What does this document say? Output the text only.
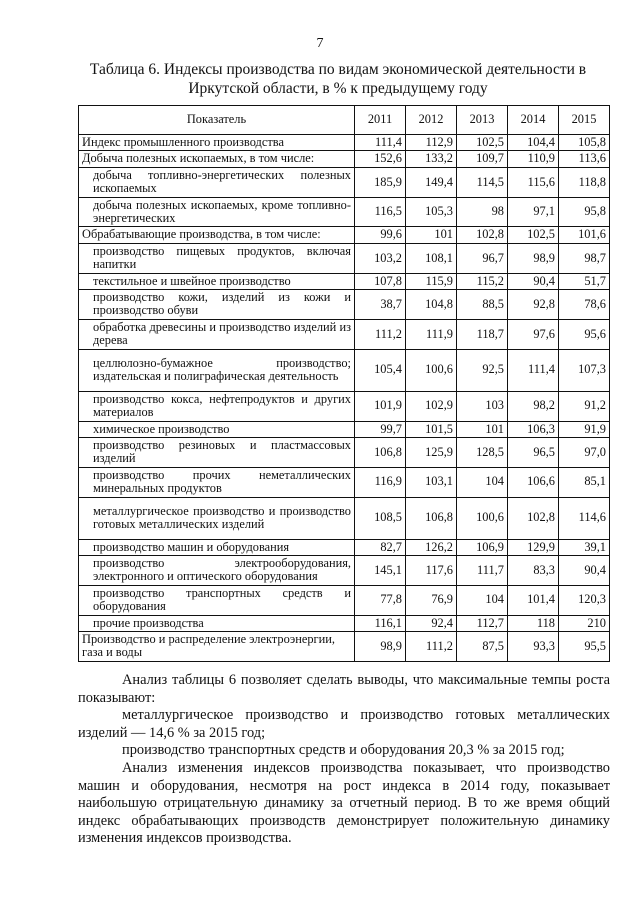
7
Таблица 6. Индексы производства по видам экономической деятельности в Иркутской области, в % к предыдущему году
Показатель	2011	2012	2013	2014	2015
Индекс промышленного производства	111,4	112,9	102,5	104,4	105,8
Добыча полезных ископаемых, в том числе:	152,6	133,2	109,7	110,9	113,6
добыча топливно-энергетических полезных ископаемых	185,9	149,4	114,5	115,6	118,8
добыча полезных ископаемых, кроме топливно-энергетических	116,5	105,3	98	97,1	95,8
Обрабатывающие производства, в том числе:	99,6	101	102,8	102,5	101,6
производство пищевых продуктов, включая напитки	103,2	108,1	96,7	98,9	98,7
текстильное и швейное производство	107,8	115,9	115,2	90,4	51,7
производство кожи, изделий из кожи и производство обуви	38,7	104,8	88,5	92,8	78,6
обработка древесины и производство изделий из дерева	111,2	111,9	118,7	97,6	95,6
целлюлозно-бумажное производство; издательская и полиграфическая деятельность	105,4	100,6	92,5	111,4	107,3
производство кокса, нефтепродуктов и других материалов	101,9	102,9	103	98,2	91,2
химическое производство	99,7	101,5	101	106,3	91,9
производство резиновых и пластмассовых изделий	106,8	125,9	128,5	96,5	97,0
производство прочих неметаллических минеральных продуктов	116,9	103,1	104	106,6	85,1
металлургическое производство и производство готовых металлических изделий	108,5	106,8	100,6	102,8	114,6
производство машин и оборудования	82,7	126,2	106,9	129,9	39,1
производство электрооборудования, электронного и оптического оборудования	145,1	117,6	111,7	83,3	90,4
производство транспортных средств и оборудования	77,8	76,9	104	101,4	120,3
прочие производства	116,1	92,4	112,7	118	210
Производство и распределение электроэнергии, газа и воды	98,9	111,2	87,5	93,3	95,5

Анализ таблицы 6 позволяет сделать выводы, что максимальные темпы роста показывают:

металлургическое производство и производство готовых металлических изделий — 14,6 % за 2015 год;

производство транспортных средств и оборудования 20,3 % за 2015 год;

Анализ изменения индексов производства показывает, что производство машин и оборудования, несмотря на рост индекса в 2014 году, показывает наибольшую отрицательную динамику за отчетный период. В то же время общий индекс обрабатывающих производств демонстрирует положительную динамику изменения индексов производства.
